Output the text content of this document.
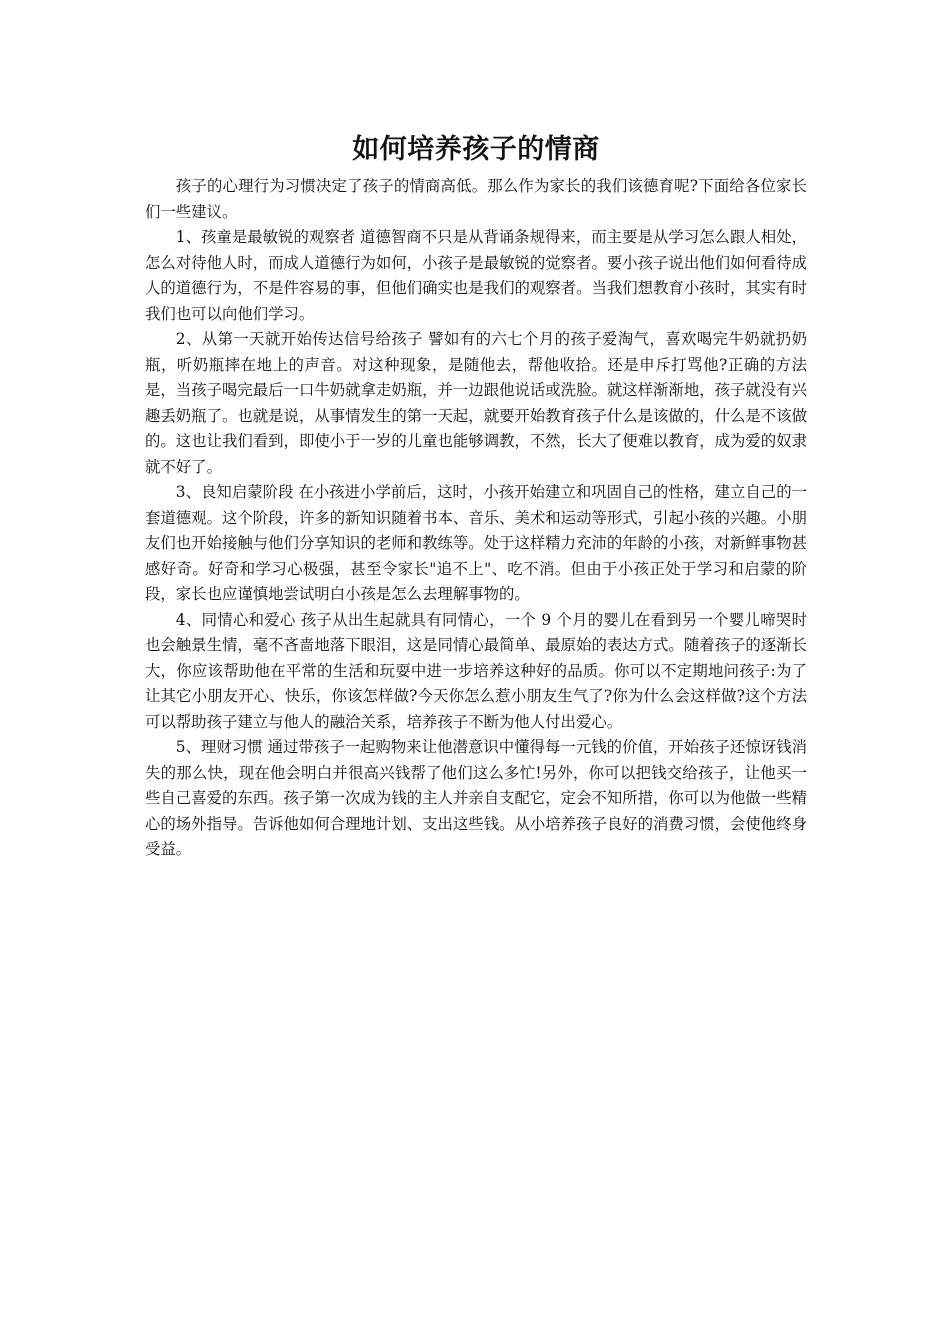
如何培养孩子的情商

孩子的心理行为习惯决定了孩子的情商高低。那么作为家长的我们该德育呢?下面给各位家长们一些建议。

1、孩童是最敏锐的观察者 道德智商不只是从背诵条规得来，而主要是从学习怎么跟人相处，怎么对待他人时，而成人道德行为如何，小孩子是最敏锐的觉察者。要小孩子说出他们如何看待成人的道德行为，不是件容易的事，但他们确实也是我们的观察者。当我们想教育小孩时，其实有时我们也可以向他们学习。

2、从第一天就开始传达信号给孩子 譬如有的六七个月的孩子爱淘气，喜欢喝完牛奶就扔奶瓶，听奶瓶摔在地上的声音。对这种现象，是随他去，帮他收拾。还是申斥打骂他?正确的方法是，当孩子喝完最后一口牛奶就拿走奶瓶，并一边跟他说话或洗脸。就这样渐渐地，孩子就没有兴趣丢奶瓶了。也就是说，从事情发生的第一天起，就要开始教育孩子什么是该做的，什么是不该做的。这也让我们看到，即使小于一岁的儿童也能够调教，不然，长大了便难以教育，成为爱的奴隶就不好了。

3、良知启蒙阶段 在小孩进小学前后，这时，小孩开始建立和巩固自己的性格，建立自己的一套道德观。这个阶段，许多的新知识随着书本、音乐、美术和运动等形式，引起小孩的兴趣。小朋友们也开始接触与他们分享知识的老师和教练等。处于这样精力充沛的年龄的小孩，对新鲜事物甚感好奇。好奇和学习心极强，甚至令家长"追不上"、吃不消。但由于小孩正处于学习和启蒙的阶段，家长也应谨慎地尝试明白小孩是怎么去理解事物的。

4、同情心和爱心 孩子从出生起就具有同情心，一个 9 个月的婴儿在看到另一个婴儿啼哭时也会触景生情，毫不吝啬地落下眼泪，这是同情心最简单、最原始的表达方式。随着孩子的逐渐长大，你应该帮助他在平常的生活和玩耍中进一步培养这种好的品质。你可以不定期地问孩子:为了让其它小朋友开心、快乐，你该怎样做?今天你怎么惹小朋友生气了?你为什么会这样做?这个方法可以帮助孩子建立与他人的融洽关系，培养孩子不断为他人付出爱心。

5、理财习惯 通过带孩子一起购物来让他潜意识中懂得每一元钱的价值，开始孩子还惊讶钱消失的那么快，现在他会明白并很高兴钱帮了他们这么多忙!另外，你可以把钱交给孩子，让他买一些自己喜爱的东西。孩子第一次成为钱的主人并亲自支配它，定会不知所措，你可以为他做一些精心的场外指导。告诉他如何合理地计划、支出这些钱。从小培养孩子良好的消费习惯，会使他终身受益。
